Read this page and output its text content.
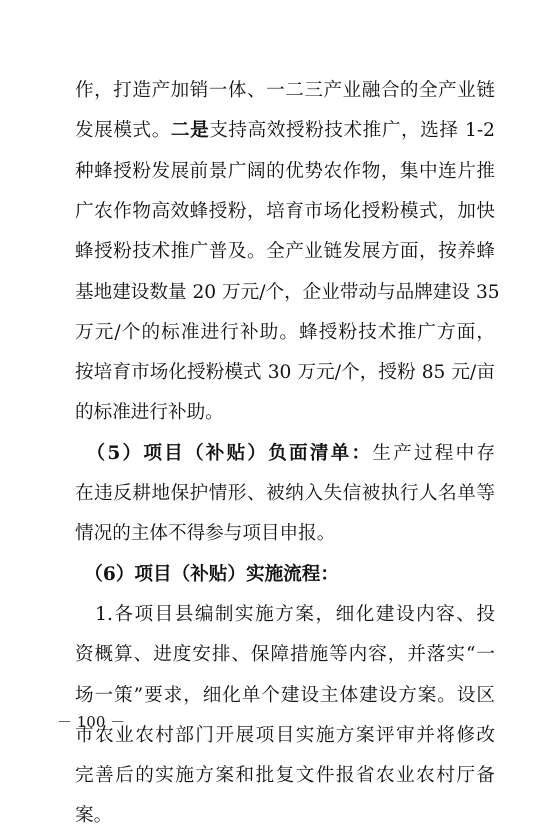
作，打造产加销一体、一二三产业融合的全产业链
发展模式。二是支持高效授粉技术推广，选择 1-2
种蜂授粉发展前景广阔的优势农作物，集中连片推
广农作物高效蜂授粉，培育市场化授粉模式，加快
蜂授粉技术推广普及。全产业链发展方面，按养蜂
基地建设数量 20 万元/个，企业带动与品牌建设 35
万元/个的标准进行补助。蜂授粉技术推广方面，
按培育市场化授粉模式 30 万元/个，授粉 85 元/亩
的标准进行补助。
　（5）项目（补贴）负面清单：生产过程中存
在违反耕地保护情形、被纳入失信被执行人名单等
情况的主体不得参与项目申报。
　（6）项目（补贴）实施流程：
　1.各项目县编制实施方案，细化建设内容、投
资概算、进度安排、保障措施等内容，并落实“一
场一策”要求，细化单个建设主体建设方案。设区
市农业农村部门开展项目实施方案评审并将修改
完善后的实施方案和批复文件报省农业农村厅备
案。
－ 100 －
